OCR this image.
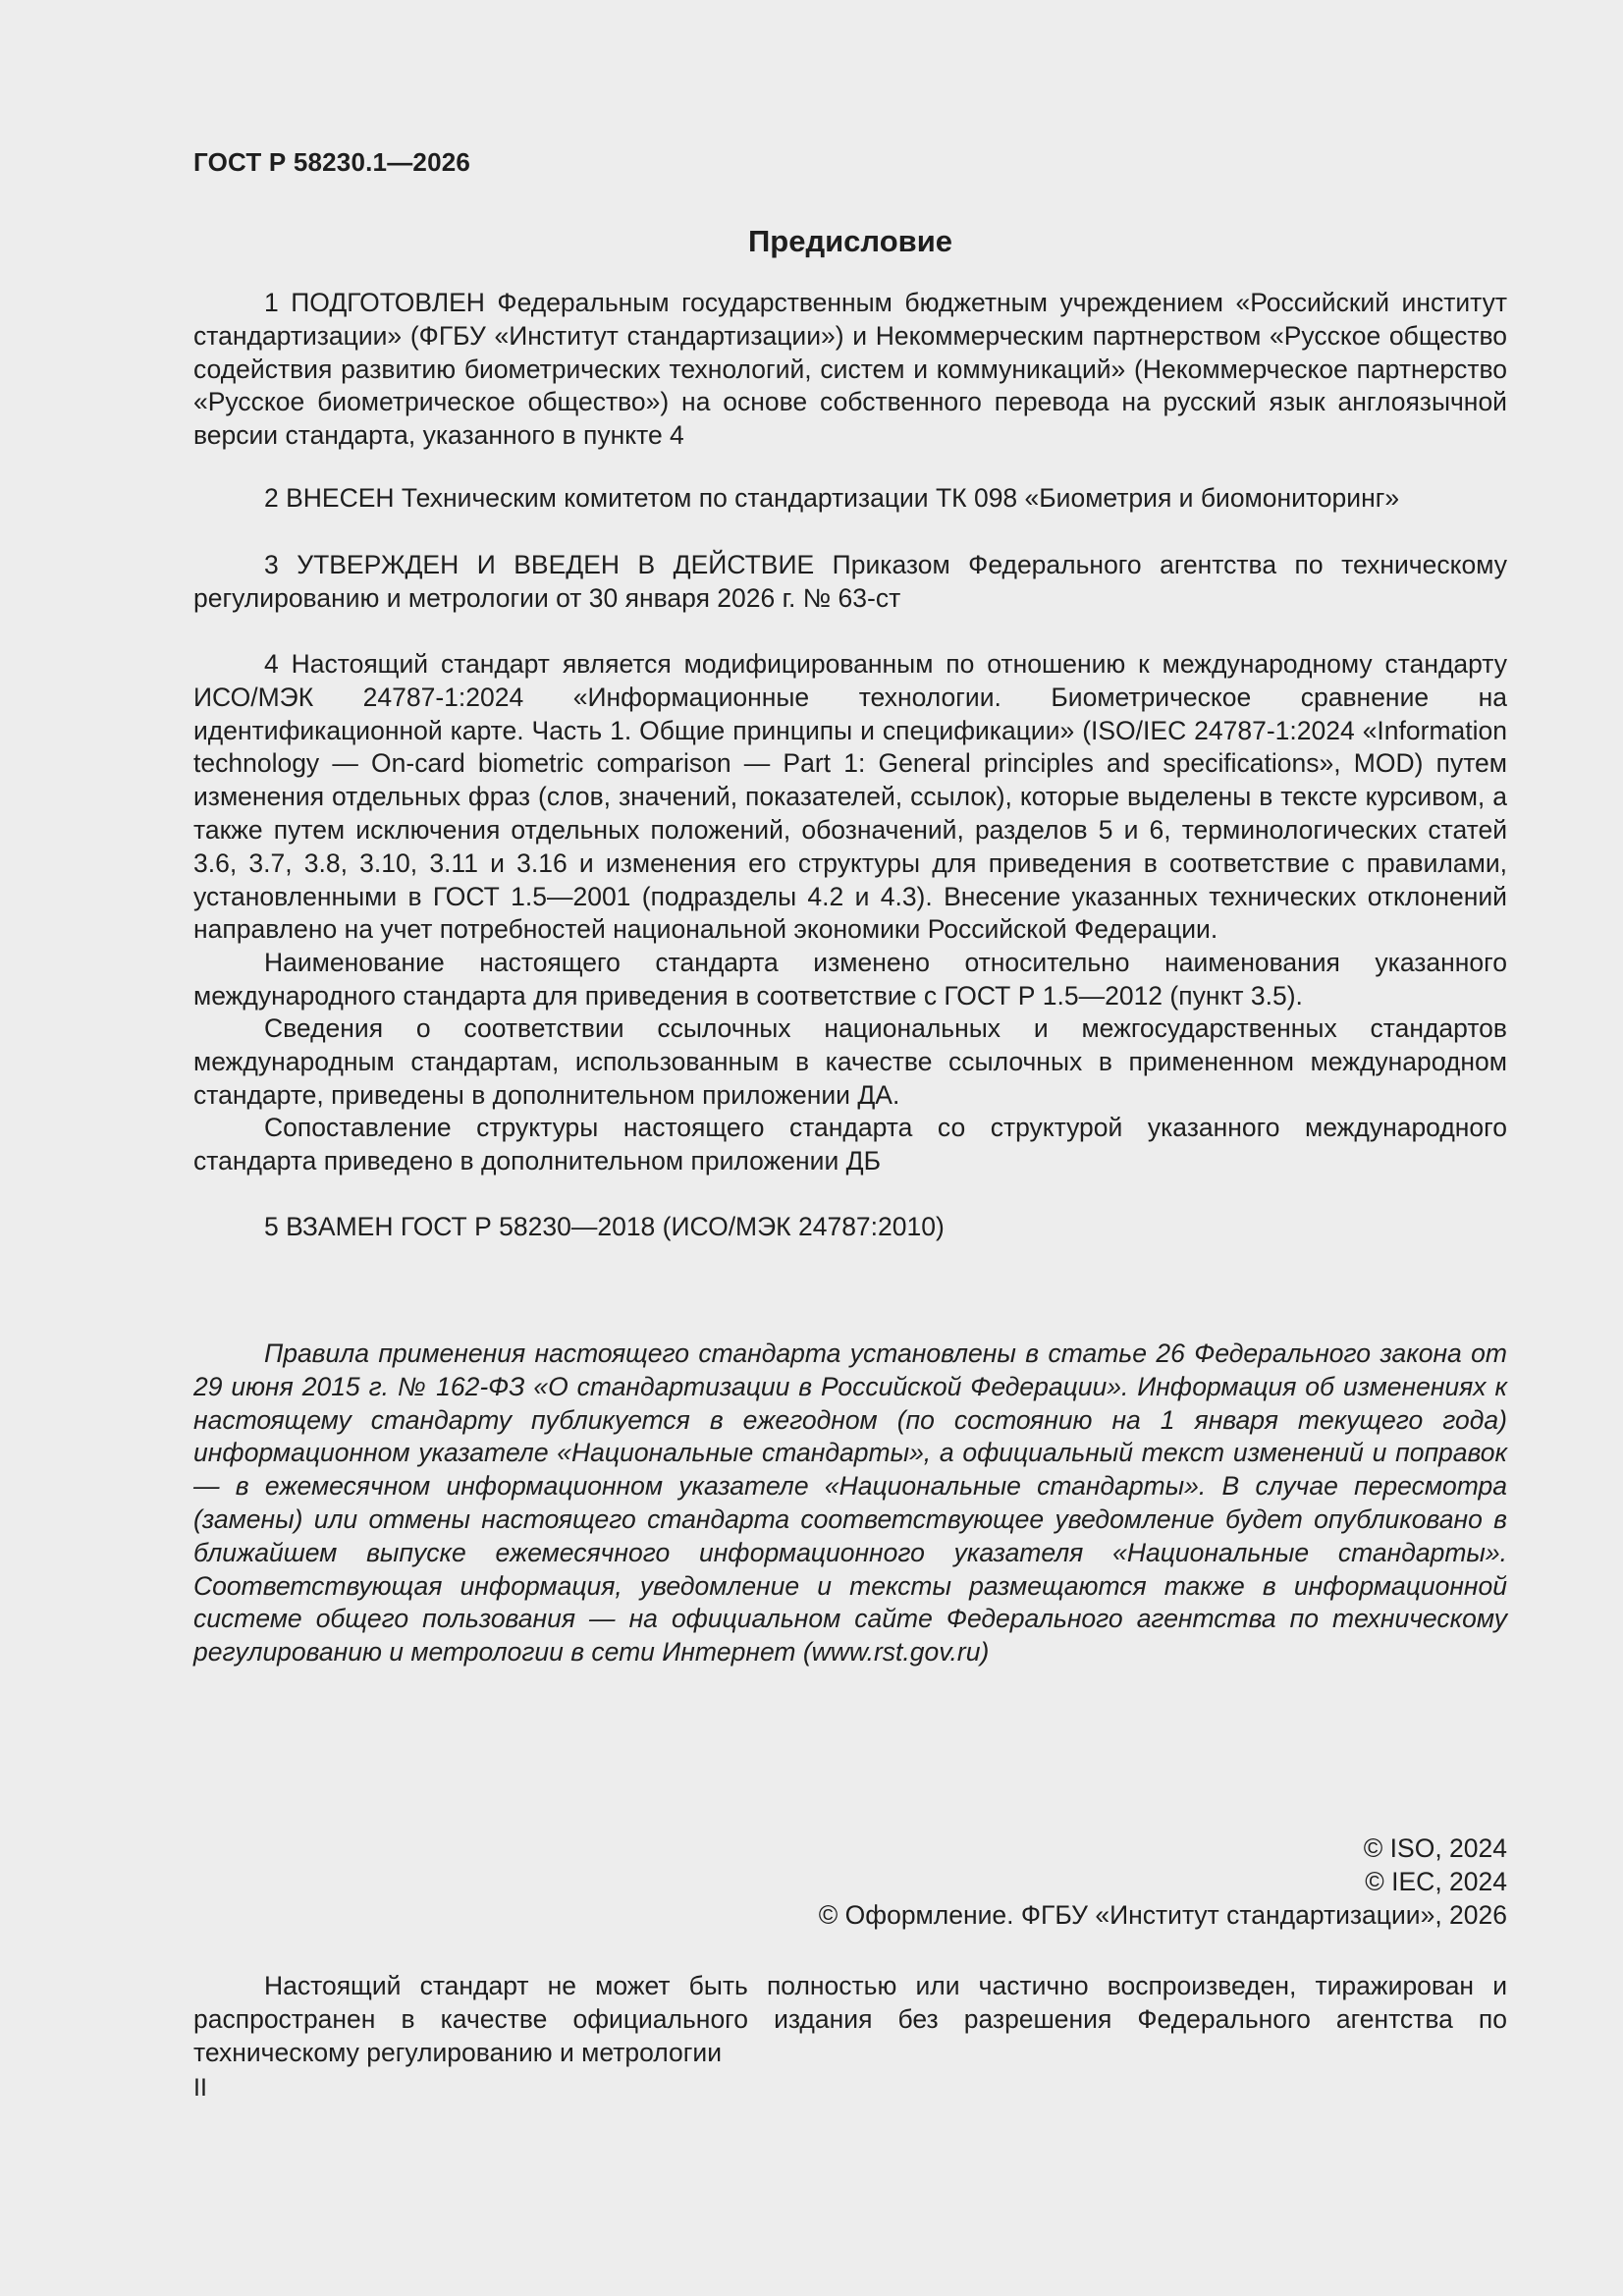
ГОСТ Р 58230.1—2026
Предисловие

1 ПОДГОТОВЛЕН Федеральным государственным бюджетным учреждением «Российский институт стандартизации» (ФГБУ «Институт стандартизации») и Некоммерческим партнерством «Русское общество содействия развитию биометрических технологий, систем и коммуникаций» (Некоммерческое партнерство «Русское биометрическое общество») на основе собственного перевода на русский язык англоязычной версии стандарта, указанного в пункте 4

2 ВНЕСЕН Техническим комитетом по стандартизации ТК 098 «Биометрия и биомониторинг»

3 УТВЕРЖДЕН И ВВЕДЕН В ДЕЙСТВИЕ Приказом Федерального агентства по техническому регулированию и метрологии от 30 января 2026 г. № 63-ст

4 Настоящий стандарт является модифицированным по отношению к международному стандарту ИСО/МЭК 24787-1:2024 «Информационные технологии. Биометрическое сравнение на идентификационной карте. Часть 1. Общие принципы и спецификации» (ISO/IEC 24787-1:2024 «Information technology — On-card biometric comparison — Part 1: General principles and specifications», MOD) путем изменения отдельных фраз (слов, значений, показателей, ссылок), которые выделены в тексте курсивом, а также путем исключения отдельных положений, обозначений, разделов 5 и 6, терминологических статей 3.6, 3.7, 3.8, 3.10, 3.11 и 3.16 и изменения его структуры для приведения в соответствие с правилами, установленными в ГОСТ 1.5—2001 (подразделы 4.2 и 4.3). Внесение указанных технических отклонений направлено на учет потребностей национальной экономики Российской Федерации.

Наименование настоящего стандарта изменено относительно наименования указанного международного стандарта для приведения в соответствие с ГОСТ Р 1.5—2012 (пункт 3.5).

Сведения о соответствии ссылочных национальных и межгосударственных стандартов международным стандартам, использованным в качестве ссылочных в примененном международном стандарте, приведены в дополнительном приложении ДА.

Сопоставление структуры настоящего стандарта со структурой указанного международного стандарта приведено в дополнительном приложении ДБ

5 ВЗАМЕН ГОСТ Р 58230—2018 (ИСО/МЭК 24787:2010)

Правила применения настоящего стандарта установлены в статье 26 Федерального закона от 29 июня 2015 г. № 162-ФЗ «О стандартизации в Российской Федерации». Информация об изменениях к настоящему стандарту публикуется в ежегодном (по состоянию на 1 января текущего года) информационном указателе «Национальные стандарты», а официальный текст изменений и поправок — в ежемесячном информационном указателе «Национальные стандарты». В случае пересмотра (замены) или отмены настоящего стандарта соответствующее уведомление будет опубликовано в ближайшем выпуске ежемесячного информационного указателя «Национальные стандарты». Соответствующая информация, уведомление и тексты размещаются также в информационной системе общего пользования — на официальном сайте Федерального агентства по техническому регулированию и метрологии в сети Интернет (www.rst.gov.ru)

© ISO, 2024
© IEC, 2024
© Оформление. ФГБУ «Институт стандартизации», 2026

Настоящий стандарт не может быть полностью или частично воспроизведен, тиражирован и распространен в качестве официального издания без разрешения Федерального агентства по техническому регулированию и метрологии

II
